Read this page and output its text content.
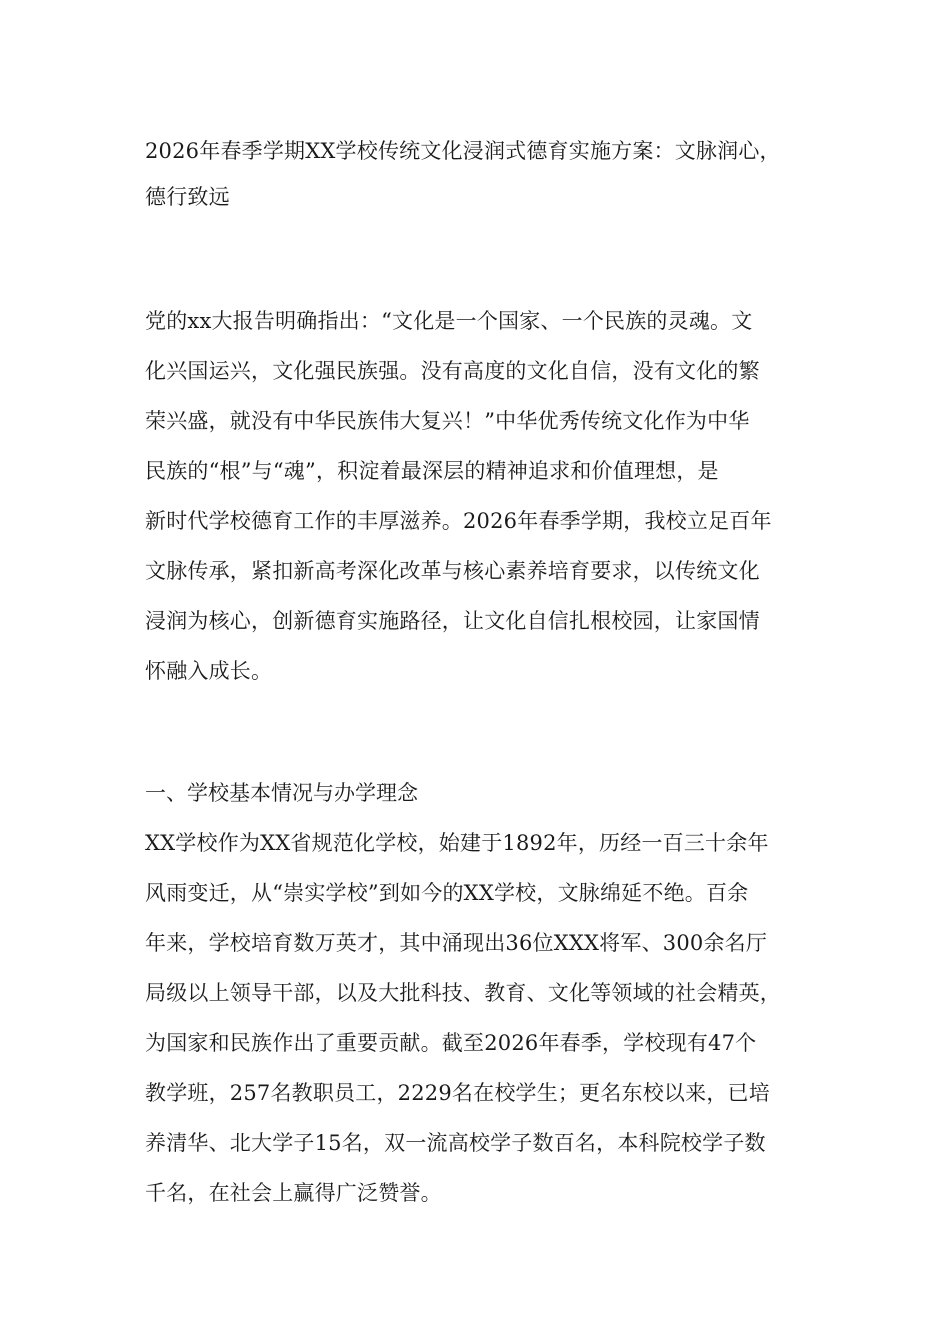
2026年春季学期XX学校传统文化浸润式德育实施方案：文脉润心，
德行致远
党的xx大报告明确指出：“文化是一个国家、一个民族的灵魂。文
化兴国运兴，文化强民族强。没有高度的文化自信，没有文化的繁
荣兴盛，就没有中华民族伟大复兴！”中华优秀传统文化作为中华
民族的“根”与“魂”，积淀着最深层的精神追求和价值理想，是
新时代学校德育工作的丰厚滋养。2026年春季学期，我校立足百年
文脉传承，紧扣新高考深化改革与核心素养培育要求，以传统文化
浸润为核心，创新德育实施路径，让文化自信扎根校园，让家国情
怀融入成长。
一、学校基本情况与办学理念
XX学校作为XX省规范化学校，始建于1892年，历经一百三十余年
风雨变迁，从“崇实学校”到如今的XX学校，文脉绵延不绝。百余
年来，学校培育数万英才，其中涌现出36位XXX将军、300余名厅
局级以上领导干部，以及大批科技、教育、文化等领域的社会精英，
为国家和民族作出了重要贡献。截至2026年春季，学校现有47个
教学班，257名教职员工，2229名在校学生；更名东校以来，已培
养清华、北大学子15名，双一流高校学子数百名，本科院校学子数
千名，在社会上赢得广泛赞誉。
